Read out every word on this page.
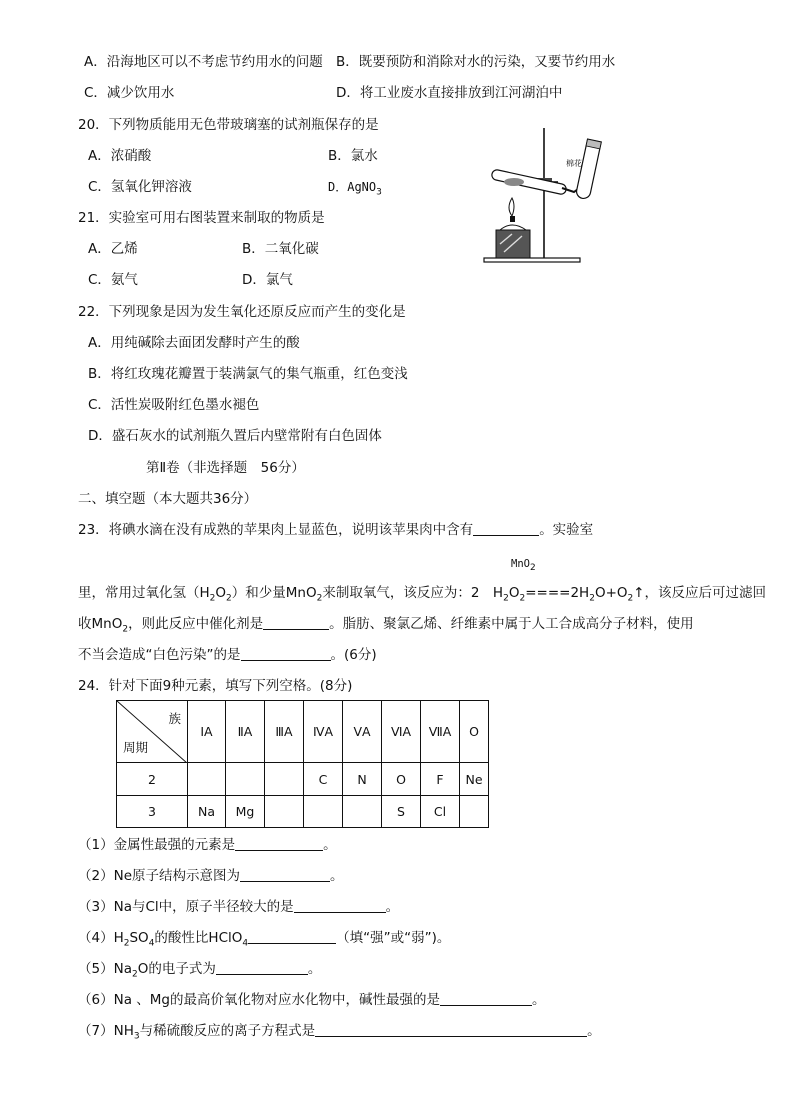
A．沿海地区可以不考虑节约用水的问题 B．既要预防和消除对水的污染，又要节约用水
C．减少饮用水	D．将工业废水直接排放到江河湖泊中
20．下列物质能用无色带玻璃塞的试剂瓶保存的是
A．浓硝酸	B．氯水
C．氢氧化钾溶液	D．AgNO$_3$
棉花
21．实验室可用右图装置来制取的物质是
A．乙烯	B．二氧化碳
C．氨气	D．氯气
22．下列现象是因为发生氧化还原反应而产生的变化是
A．用纯碱除去面团发酵时产生的酸
B．将红玫瑰花瓣置于装满氯气的集气瓶重，红色变浅
C．活性炭吸附红色墨水褪色
D．盛石灰水的试剂瓶久置后内壁常附有白色固体
第Ⅱ卷（非选择题　56分）
二、填空题（本大题共36分）
23．将碘水滴在没有成熟的苹果肉上显蓝色，说明该苹果肉中含有	。实验室
MnO$_2$
里，常用过氧化氢$(H_2O_2)$和少量MnO$_2$来制取氧气，该反应为：2　$H_2O_2====2H_2O+O_2↑$，该反应后可过滤回
收MnO$_2$，则此反应中催化剂是	。脂肪、聚氯乙烯、纤维素中属于人工合成高分子材料，使用
不当会造成“白色污染”的是	。(6分)
24．针对下面9种元素，填写下列空格。(8分)
族
周期	ⅠA	ⅡA	ⅢA	ⅣA	ⅤA	ⅥA	ⅦA	O
2				C	N	O	F	Ne
3	Na	Mg				S	Cl	
（1）金属性最强的元素是	。
（2）Ne原子结构示意图为	。
（3）Na与Cl中，原子半径较大的是	。
$(4)H_2SO_4$的酸性比HClO$_4$	（填“强”或“弱”)。
$(5)Na_2O$的电子式为	。
（6）Na 、Mg的最高价氧化物对应水化物中，碱性最强的是	。
$(7)NH_3$与稀硫酸反应的离子方程式是	。
